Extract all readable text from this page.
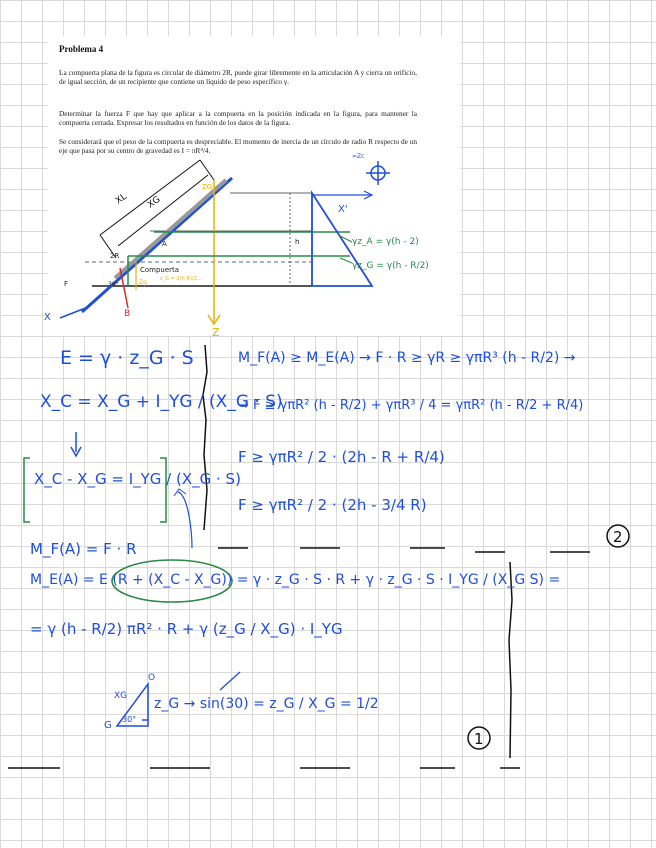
Problema 4

La compuerta plana de la figura es circular de diámetro 2R, puede girar libremente en la articulación A y cierra un orificio, de igual sección, de un recipiente que contiene un líquido de peso específico γ.

Determinar la fuerza F que hay que aplicar a la compuerta en la posición indicada en la figura, para mantener la compuerta cerrada. Expresar los resultados en función de los datos de la figura.

Se considerará que el peso de la compuerta es despreciable. El momento de inercia de un círculo de radio R respecto de un eje que pasa por su centro de gravedad es I = πR⁴/4.

A
2R
Compuerta
F
h
30°
XL XG	X'
Z
X	B
Zg	z_G = 2(h-R)/2...
ZG
=Zc
γz_A = γ(h - 2)
γz_G = γ(h - R/2)
2
1
XG
G
O
30°
E = γ · z_G · S
X_C = X_G + I_YG / (X_G · S)
X_C - X_G = I_YG / (X_G · S)
M_F(A) = F · R
M_E(A) = E (R + (X_C - X_G)) = γ · z_G · S · R + γ · z_G · S · I_YG / (X_G S) =
= γ (h - R/2) πR² · R + γ (z_G / X_G) · I_YG
z_G → sin(30) = z_G / X_G = 1/2
M_F(A) ≥ M_E(A) → F · R ≥ γR ≥ γπR³ (h - R/2) →
→ F ≥ γπR² (h - R/2) + γπR³ / 4 = γπR² (h - R/2 + R/4)
F ≥ γπR² / 2 · (2h - R + R/4)
F ≥ γπR² / 2 · (2h - 3/4 R)
